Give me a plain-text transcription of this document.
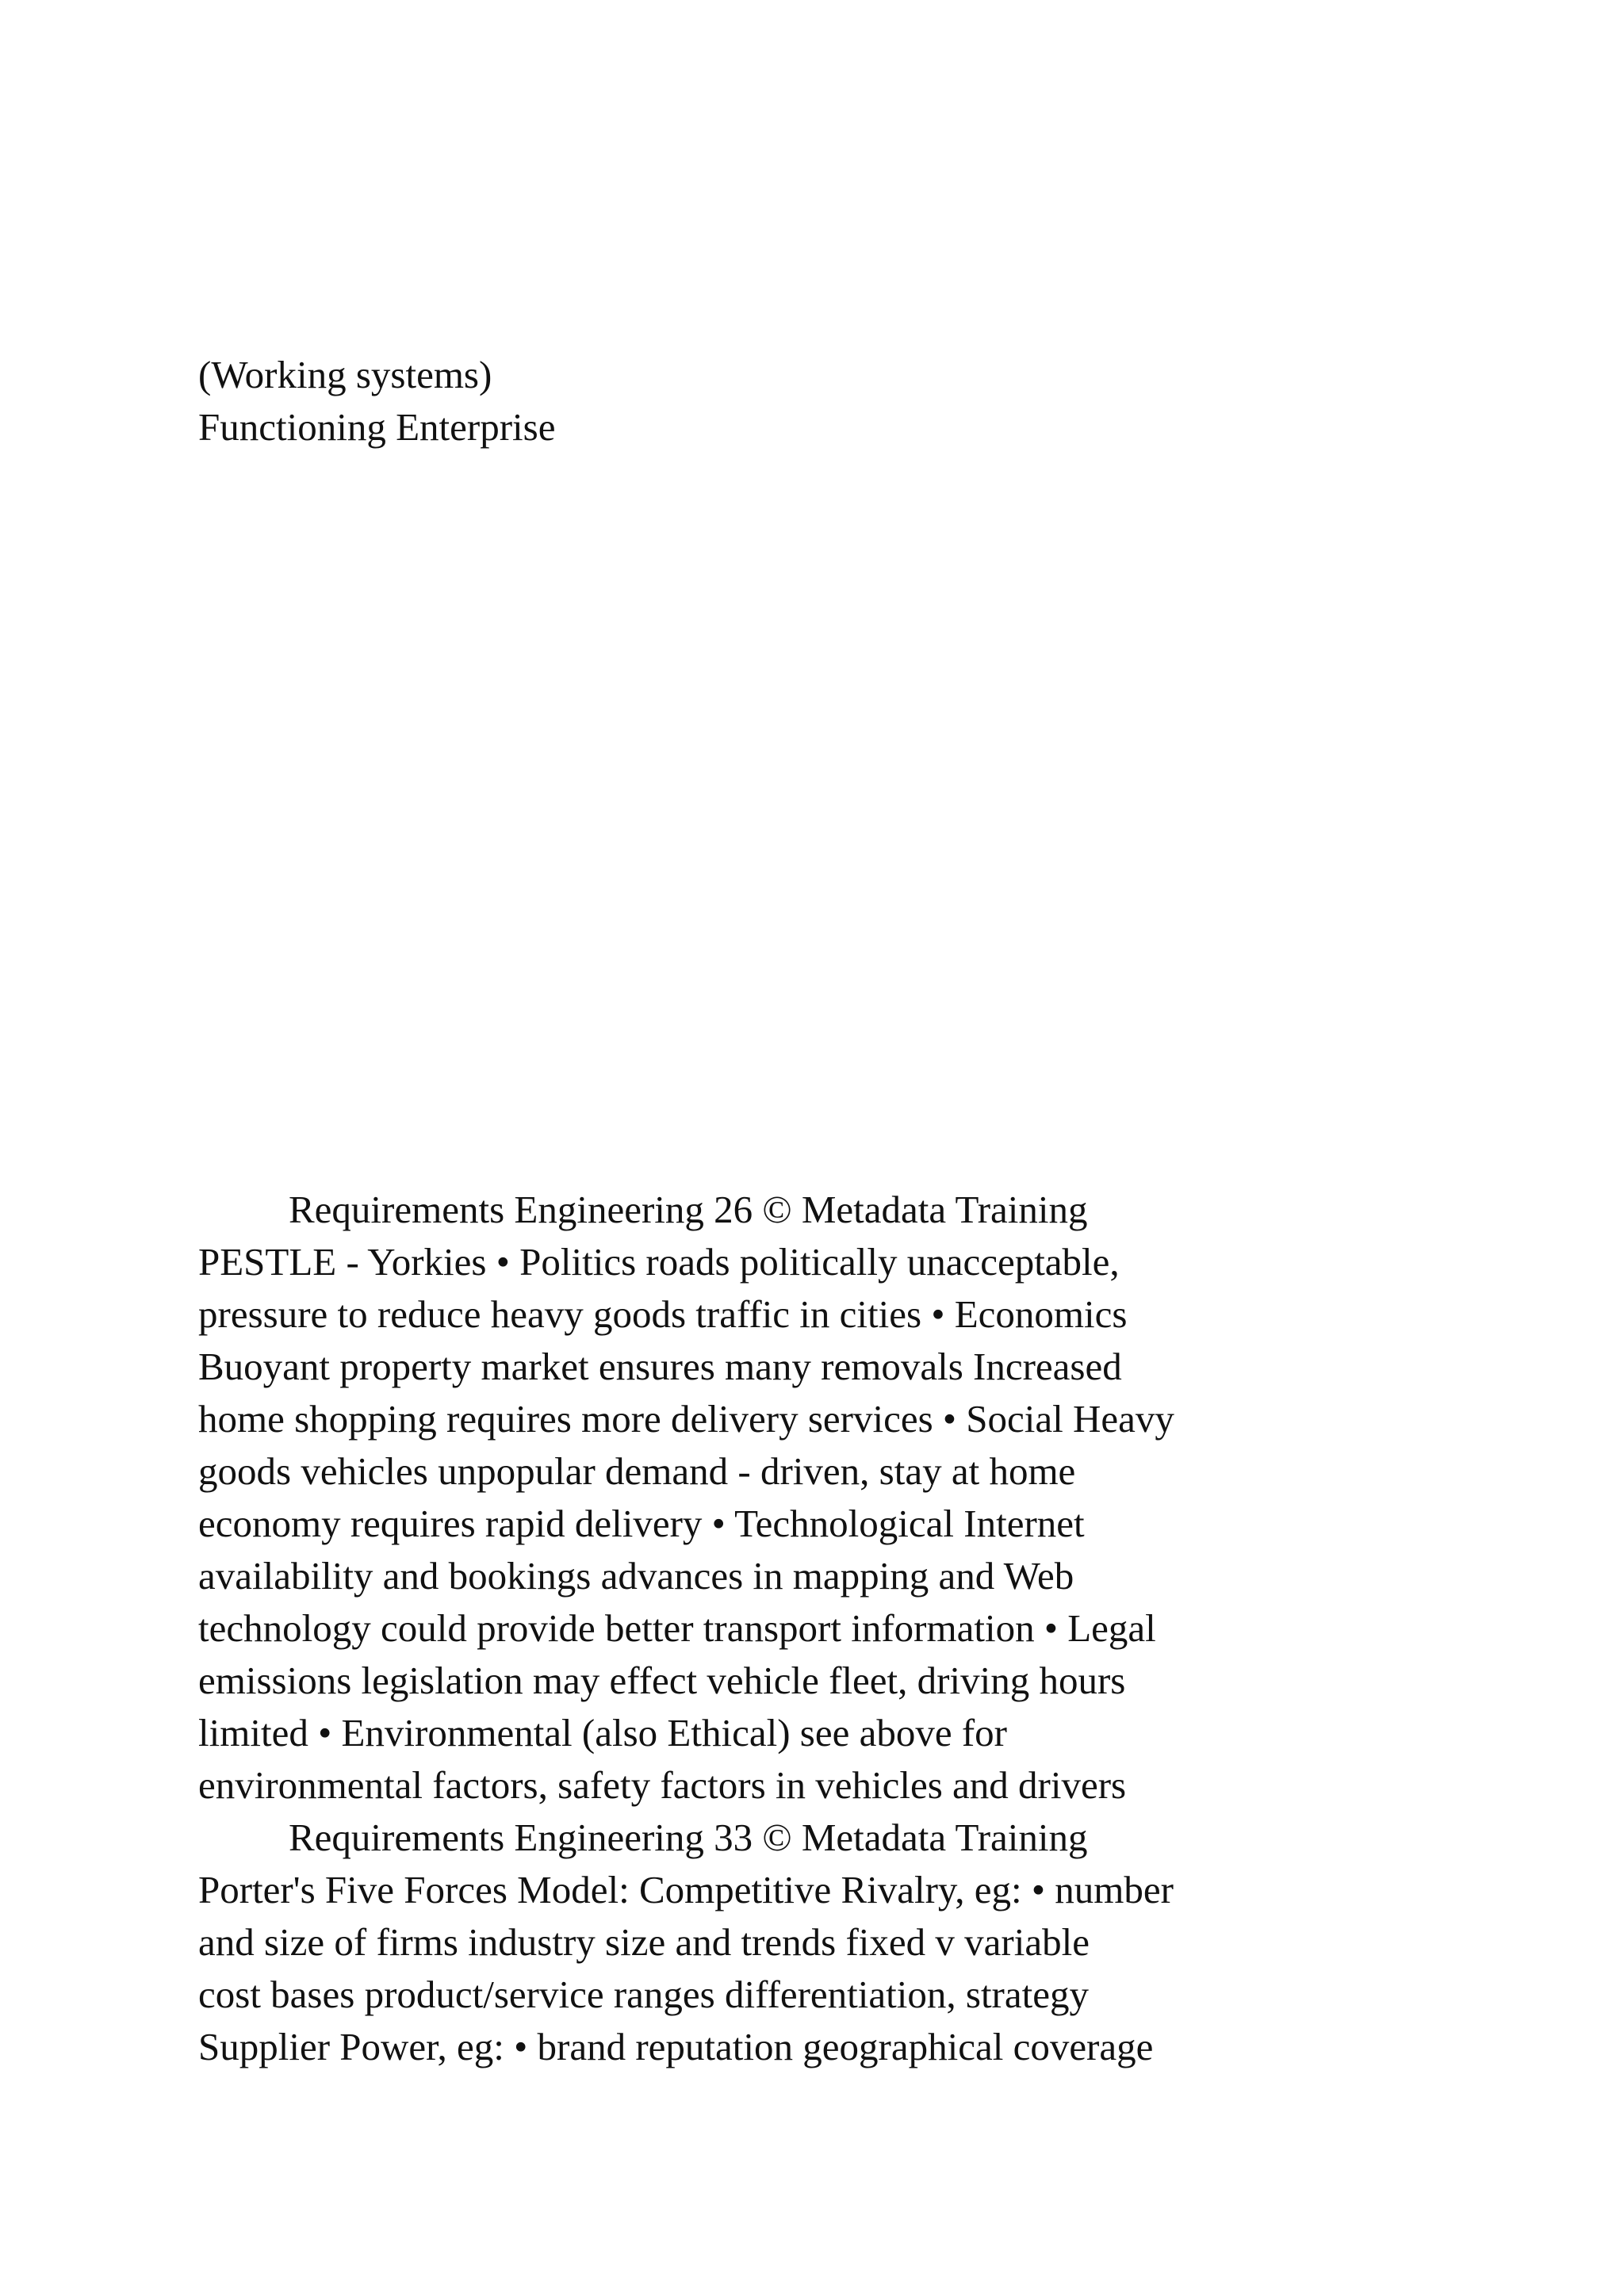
(Working systems)
Functioning Enterprise
Requirements Engineering 26 © Metadata Training
PESTLE - Yorkies • Politics roads politically unacceptable,
pressure to reduce heavy goods traffic in cities • Economics
Buoyant property market ensures many removals Increased
home shopping requires more delivery services • Social Heavy
goods vehicles unpopular demand - driven, stay at home
economy requires rapid delivery • Technological Internet
availability and bookings advances in mapping and Web
technology could provide better transport information • Legal
emissions legislation may effect vehicle fleet, driving hours
limited • Environmental (also Ethical) see above for
environmental factors, safety factors in vehicles and drivers
Requirements Engineering 33 © Metadata Training
Porter's Five Forces Model: Competitive Rivalry, eg: • number
and size of firms industry size and trends fixed v variable
cost bases product/service ranges differentiation, strategy
Supplier Power, eg: • brand reputation geographical coverage
